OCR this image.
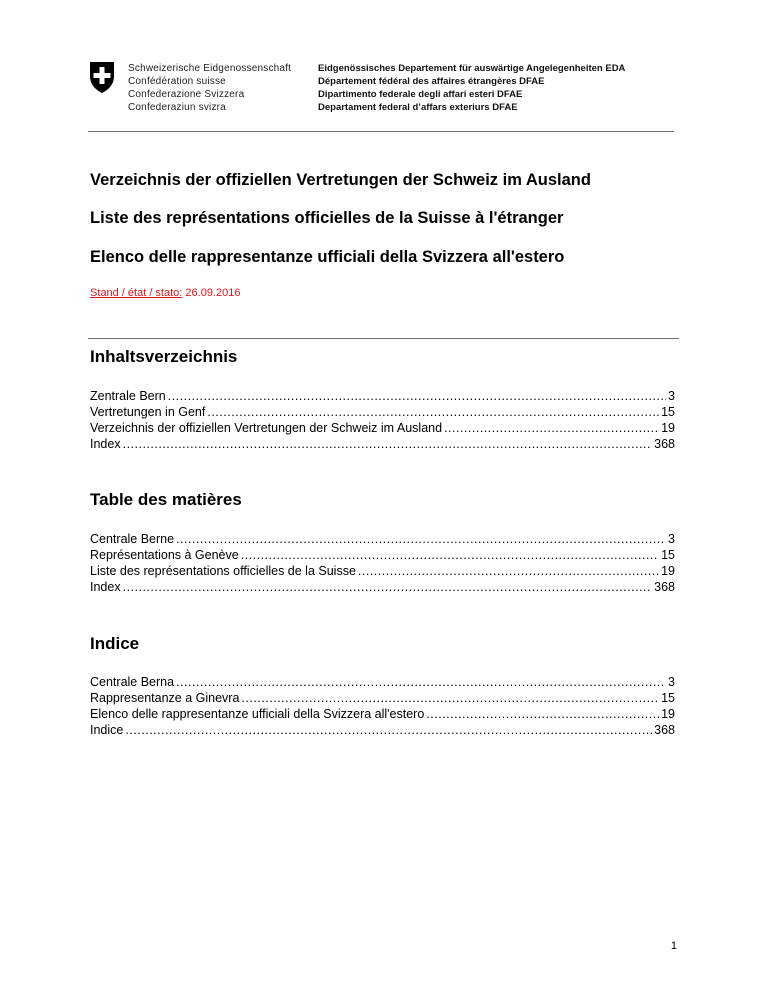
Schweizerische Eidgenossenschaft
Confédération suisse
Confederazione Svizzera
Confederaziun svizra
Eidgenössisches Departement für auswärtige Angelegenheiten EDA
Département fédéral des affaires étrangères DFAE
Dipartimento federale degli affari esteri DFAE
Departament federal d’affars exteriurs DFAE
Verzeichnis der offiziellen Vertretungen der Schweiz im Ausland
Liste des représentations officielles de la Suisse à l'étranger
Elenco delle rappresentanze ufficiali della Svizzera all'estero
Stand / état / stato: 26.09.2016
Inhaltsverzeichnis
Zentrale Bern .....	3
Vertretungen in Genf .....	15
Verzeichnis der offiziellen Vertretungen der Schweiz im Ausland .....	19
Index .....	368
Table des matières
Centrale Berne .....	3
Représentations à Genève .....	15
Liste des représentations officielles de la Suisse .....	19
Index .....	368
Indice
Centrale Berna .....	3
Rappresentanze a Ginevra .....	15
Elenco delle rappresentanze ufficiali della Svizzera all'estero .....	19
Indice .....	368
1
